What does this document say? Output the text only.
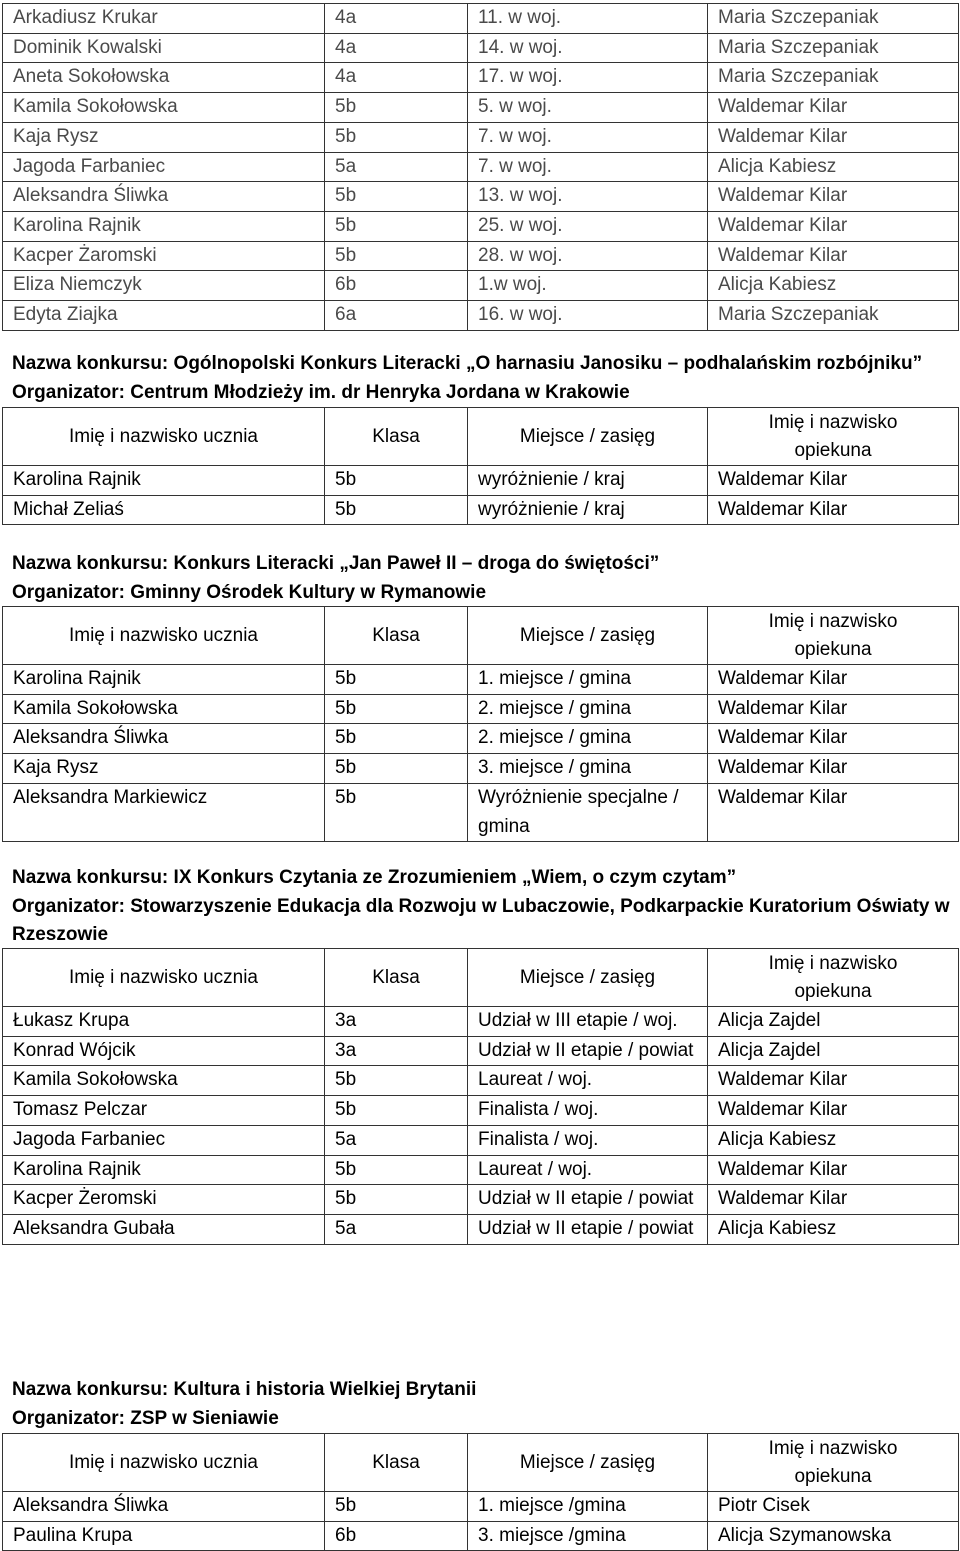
Arkadiusz Krukar	4a	11. w woj.	Maria Szczepaniak
Dominik Kowalski	4a	14. w woj.	Maria Szczepaniak
Aneta Sokołowska	4a	17. w woj.	Maria Szczepaniak
Kamila Sokołowska	5b	5. w woj.	Waldemar Kilar
Kaja Rysz	5b	7. w woj.	Waldemar Kilar
Jagoda Farbaniec	5a	7. w woj.	Alicja Kabiesz
Aleksandra Śliwka	5b	13. w woj.	Waldemar Kilar
Karolina Rajnik	5b	25. w woj.	Waldemar Kilar
Kacper Żaromski	5b	28. w woj.	Waldemar Kilar
Eliza Niemczyk	6b	1.w woj.	Alicja Kabiesz
Edyta Ziajka	6a	16. w woj.	Maria Szczepaniak
Nazwa konkursu: Ogólnopolski Konkurs Literacki „O harnasiu Janosiku – podhalańskim rozbójniku”
Organizator: Centrum Młodzieży im. dr Henryka Jordana w Krakowie
Imię i nazwisko ucznia	Klasa	Miejsce / zasięg	Imię i nazwisko
opiekuna

Karolina Rajnik	5b	wyróżnienie / kraj	Waldemar Kilar
Michał Zeliaś	5b	wyróżnienie / kraj	Waldemar Kilar
Nazwa konkursu: Konkurs Literacki „Jan Paweł II – droga do świętości”
Organizator: Gminny Ośrodek Kultury w Rymanowie
Imię i nazwisko ucznia	Klasa	Miejsce / zasięg	Imię i nazwisko
opiekuna

Karolina Rajnik	5b	1. miejsce / gmina	Waldemar Kilar
Kamila Sokołowska	5b	2. miejsce / gmina	Waldemar Kilar
Aleksandra Śliwka	5b	2. miejsce / gmina	Waldemar Kilar
Kaja Rysz	5b	3. miejsce / gmina	Waldemar Kilar
Aleksandra Markiewicz	5b	Wyróżnienie specjalne / gmina	Waldemar Kilar
Nazwa konkursu: IX Konkurs Czytania ze Zrozumieniem „Wiem, o czym czytam”
Organizator: Stowarzyszenie Edukacja dla Rozwoju w Lubaczowie, Podkarpackie Kuratorium Oświaty w Rzeszowie
Imię i nazwisko ucznia	Klasa	Miejsce / zasięg	Imię i nazwisko
opiekuna

Łukasz Krupa	3a	Udział w III etapie / woj.	Alicja Zajdel
Konrad Wójcik	3a	Udział w II etapie / powiat	Alicja Zajdel
Kamila Sokołowska	5b	Laureat / woj.	Waldemar Kilar
Tomasz Pelczar	5b	Finalista / woj.	Waldemar Kilar
Jagoda Farbaniec	5a	Finalista / woj.	Alicja Kabiesz
Karolina Rajnik	5b	Laureat / woj.	Waldemar Kilar
Kacper Żeromski	5b	Udział w II etapie / powiat	Waldemar Kilar
Aleksandra Gubała	5a	Udział w II etapie / powiat	Alicja Kabiesz
Nazwa konkursu: Kultura i historia Wielkiej Brytanii
Organizator: ZSP w Sieniawie
Imię i nazwisko ucznia	Klasa	Miejsce / zasięg	Imię i nazwisko
opiekuna

Aleksandra Śliwka	5b	1. miejsce /gmina	Piotr Cisek
Paulina Krupa	6b	3. miejsce /gmina	Alicja Szymanowska
